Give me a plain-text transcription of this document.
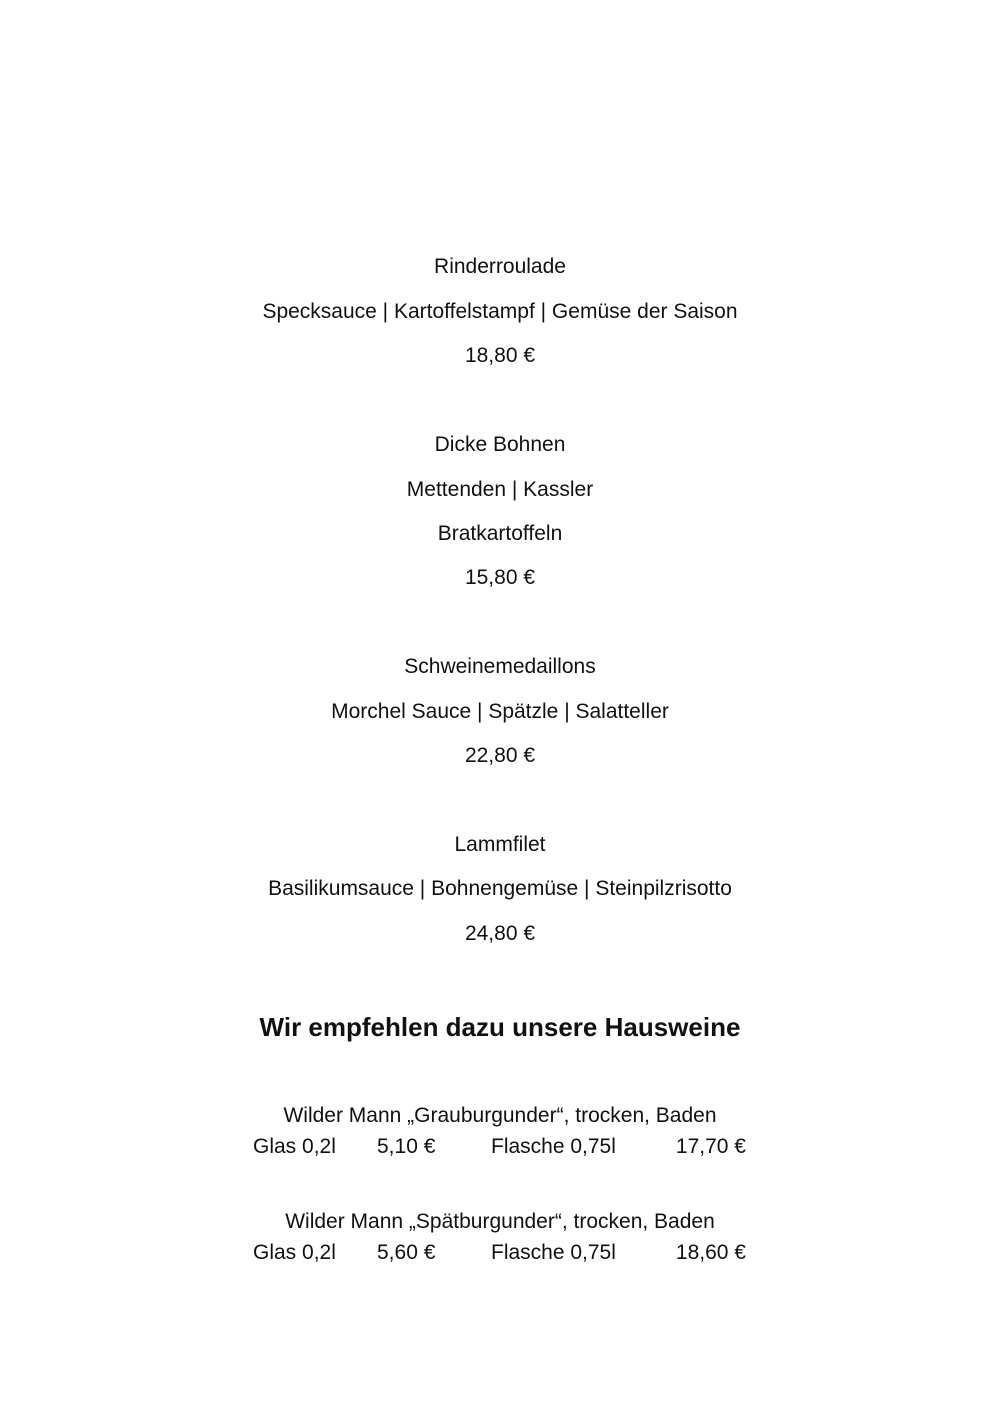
Rinderroulade
Specksauce | Kartoffelstampf | Gemüse der Saison
18,80 €
Dicke Bohnen
Mettenden | Kassler
Bratkartoffeln
15,80 €
Schweinemedaillons
Morchel Sauce | Spätzle | Salatteller
22,80 €
Lammfilet
Basilikumsauce | Bohnengemüse | Steinpilzrisotto
24,80 €
Wir empfehlen dazu unsere Hausweine
Wilder Mann „Grauburgunder“, trocken, Baden
Glas 0,2l 5,10 €	Flasche 0,75l	17,70 €
Wilder Mann „Spätburgunder“, trocken, Baden
Glas 0,2l 5,60 €	Flasche 0,75l	18,60 €
